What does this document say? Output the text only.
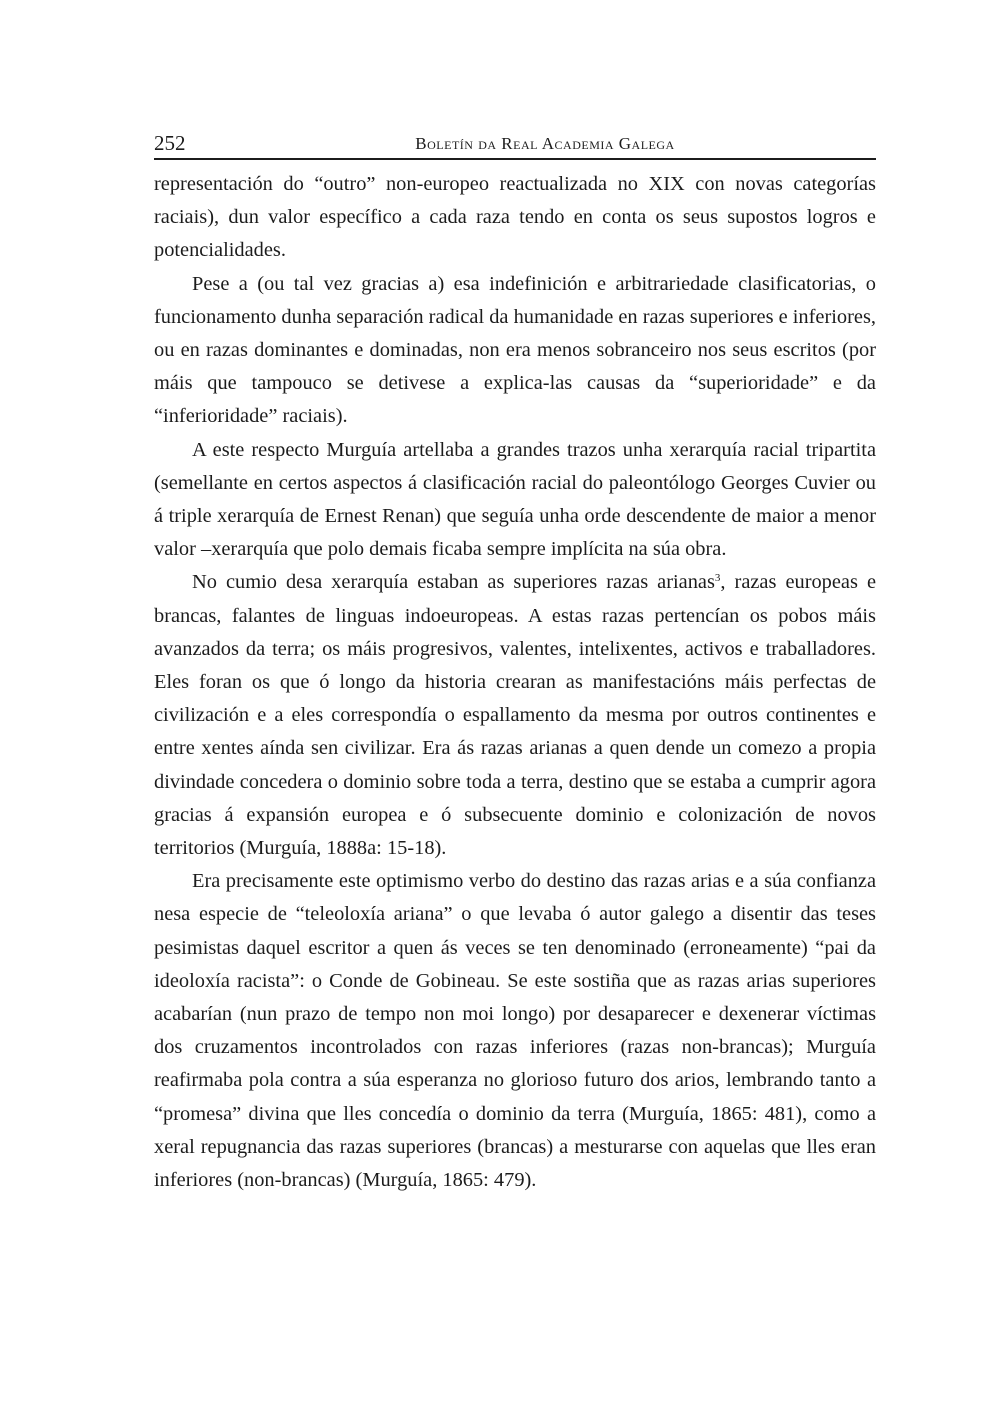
252	Boletín da Real Academia Galega

representación do “outro” non-europeo reactualizada no XIX con novas categorías raciais), dun valor específico a cada raza tendo en conta os seus supostos logros e potencialidades.

Pese a (ou tal vez gracias a) esa indefinición e arbitrariedade clasificatorias, o funcionamento dunha separación radical da humanidade en razas superiores e inferiores, ou en razas dominantes e dominadas, non era menos sobranceiro nos seus escritos (por máis que tampouco se detivese a explica-las causas da “superioridade” e da “inferioridade” raciais).

A este respecto Murguía artellaba a grandes trazos unha xerarquía racial tripartita (semellante en certos aspectos á clasificación racial do paleontólogo Georges Cuvier ou á triple xerarquía de Ernest Renan) que seguía unha orde descendente de maior a menor valor –xerarquía que polo demais ficaba sempre implícita na súa obra.

No cumio desa xerarquía estaban as superiores razas arianas$^3$, razas europeas e brancas, falantes de linguas indoeuropeas. A estas razas pertencían os pobos máis avanzados da terra; os máis progresivos, valentes, intelixentes, activos e traballadores. Eles foran os que ó longo da historia crearan as manifestacións máis perfectas de civilización e a eles correspondía o espallamento da mesma por outros continentes e entre xentes aínda sen civilizar. Era ás razas arianas a quen dende un comezo a propia divindade concedera o dominio sobre toda a terra, destino que se estaba a cumprir agora gracias á expansión europea e ó subsecuente dominio e colonización de novos territorios (Murguía, 1888a: 15-18).

Era precisamente este optimismo verbo do destino das razas arias e a súa confianza nesa especie de “teleoloxía ariana” o que levaba ó autor galego a disentir das teses pesimistas daquel escritor a quen ás veces se ten denominado (erroneamente) “pai da ideoloxía racista”: o Conde de Gobineau. Se este sostiña que as razas arias superiores acabarían (nun prazo de tempo non moi longo) por desaparecer e dexenerar víctimas dos cruzamentos incontrolados con razas inferiores (razas non-brancas); Murguía reafirmaba pola contra a súa esperanza no glorioso futuro dos arios, lembrando tanto a “promesa” divina que lles concedía o dominio da terra (Murguía, 1865: 481), como a xeral repugnancia das razas superiores (brancas) a mesturarse con aquelas que lles eran inferiores (non-brancas) (Murguía, 1865: 479).
